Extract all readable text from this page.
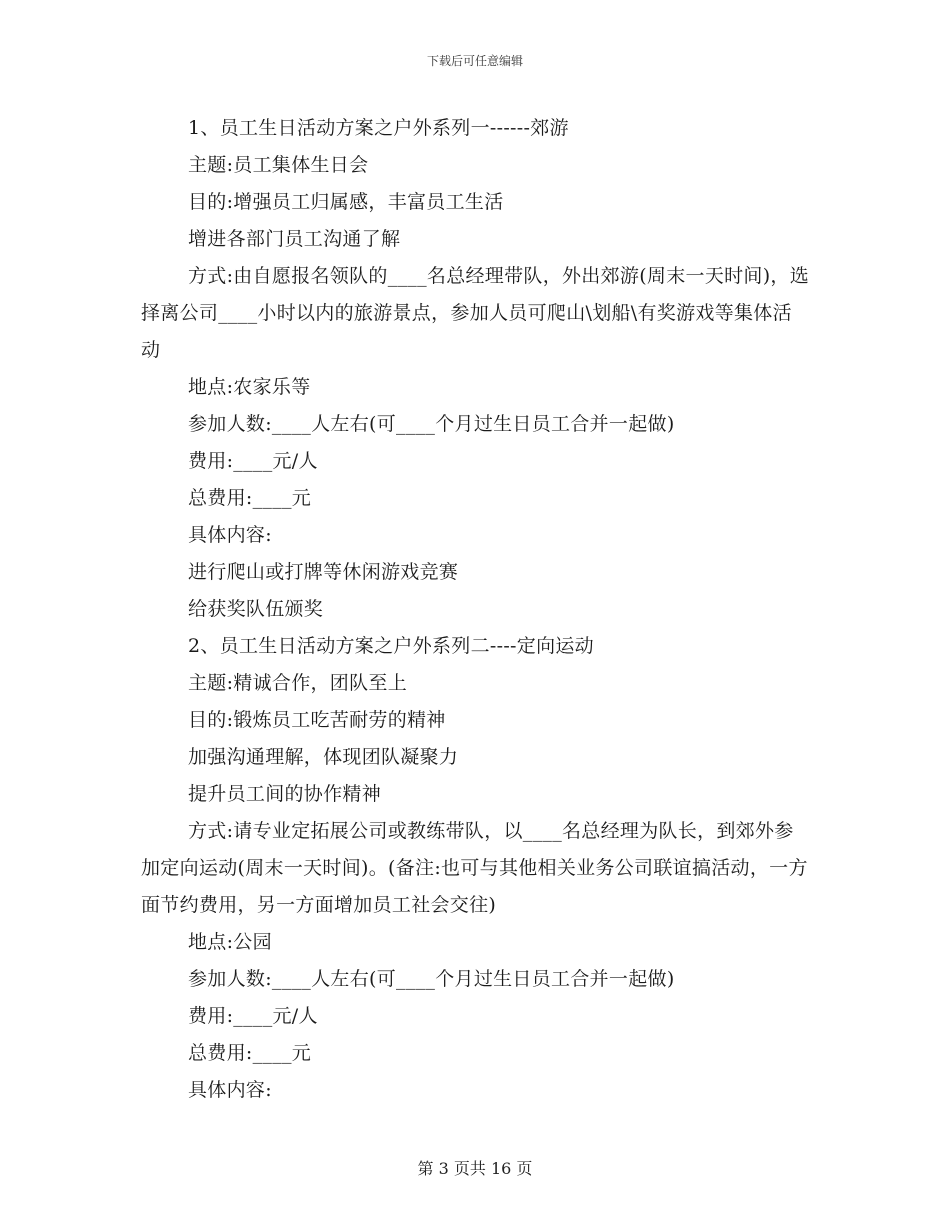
下载后可任意编辑
1、员工生日活动方案之户外系列一------郊游
主题:员工集体生日会
目的:增强员工归属感，丰富员工生活
增进各部门员工沟通了解
方式:由自愿报名领队的____名总经理带队，外出郊游(周末一天时间)，选择离公司____小时以内的旅游景点，参加人员可爬山\划船\有奖游戏等集体活动
地点:农家乐等
参加人数:____人左右(可____个月过生日员工合并一起做)
费用:____元/人
总费用:____元
具体内容:
进行爬山或打牌等休闲游戏竞赛
给获奖队伍颁奖
2、员工生日活动方案之户外系列二----定向运动
主题:精诚合作，团队至上
目的:锻炼员工吃苦耐劳的精神
加强沟通理解，体现团队凝聚力
提升员工间的协作精神
方式:请专业定拓展公司或教练带队，以____名总经理为队长，到郊外参加定向运动(周末一天时间)。(备注:也可与其他相关业务公司联谊搞活动，一方面节约费用，另一方面增加员工社会交往)
地点:公园
参加人数:____人左右(可____个月过生日员工合并一起做)
费用:____元/人
总费用:____元
具体内容:
第 3 页共 16 页
